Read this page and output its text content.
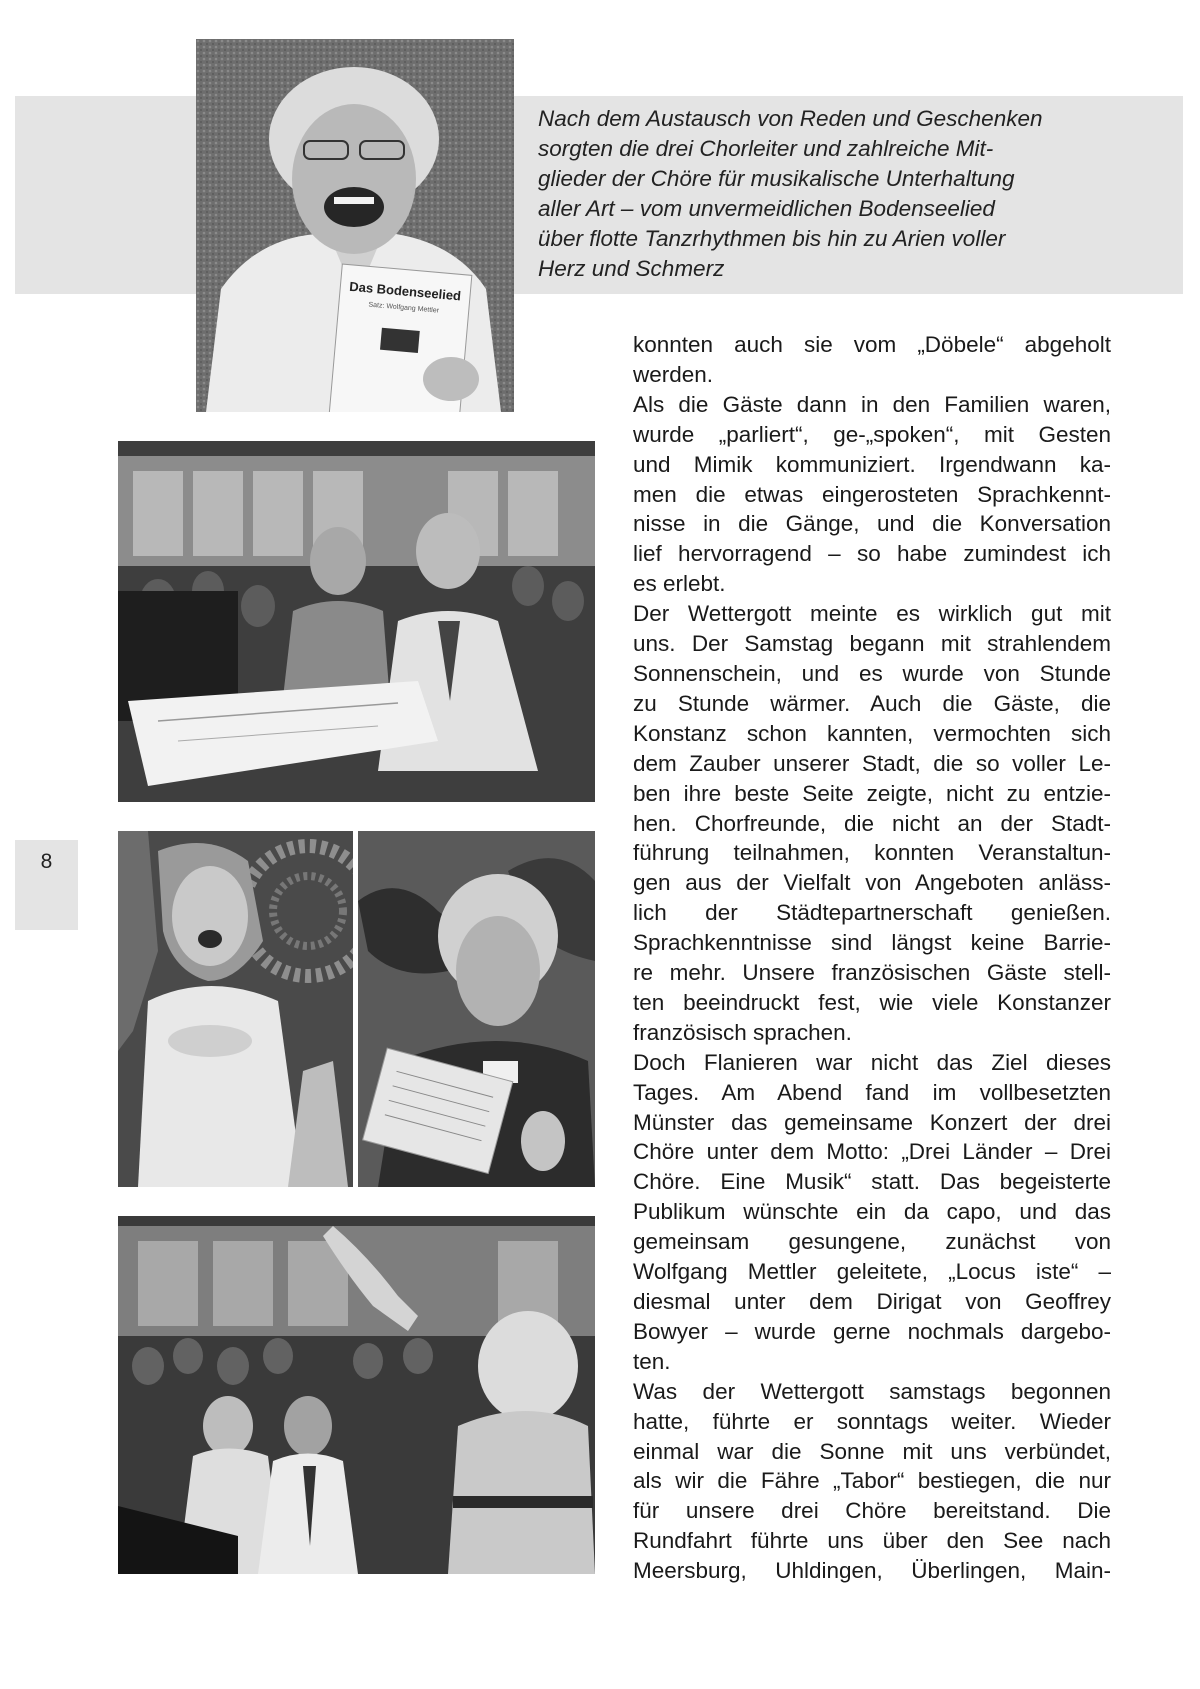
Nach dem Austausch von Reden und Geschenken
sorgten die drei Chorleiter und zahlreiche Mit-
glieder der Chöre für musikalische Unterhaltung
aller Art – vom unvermeidlichen Bodenseelied
über flotte Tanzrhythmen bis hin zu Arien voller
Herz und Schmerz
Das Bodenseelied
Satz: Wolfgang Mettler
8
konnten auch sie vom „Döbele“ abgeholt
werden.
Als die Gäste dann in den Familien waren,
wurde „parliert“, ge-„spoken“, mit Gesten
und Mimik kommuniziert. Irgendwann ka-
men die etwas eingerosteten Sprachkennt-
nisse in die Gänge, und die Konversation
lief hervorragend – so habe zumindest ich
es erlebt.
Der Wettergott meinte es wirklich gut mit
uns. Der Samstag begann mit strahlendem
Sonnenschein, und es wurde von Stunde
zu Stunde wärmer. Auch die Gäste, die
Konstanz schon kannten, vermochten sich
dem Zauber unserer Stadt, die so voller Le-
ben ihre beste Seite zeigte, nicht zu entzie-
hen. Chorfreunde, die nicht an der Stadt-
führung teilnahmen, konnten Veranstaltun-
gen aus der Vielfalt von Angeboten anläss-
lich der Städtepartnerschaft genießen.
Sprachkenntnisse sind längst keine Barrie-
re mehr. Unsere französischen Gäste stell-
ten beeindruckt fest, wie viele Konstanzer
französisch sprachen.
Doch Flanieren war nicht das Ziel dieses
Tages. Am Abend fand im vollbesetzten
Münster das gemeinsame Konzert der drei
Chöre unter dem Motto: „Drei Länder – Drei
Chöre. Eine Musik“ statt. Das begeisterte
Publikum wünschte ein da capo, und das
gemeinsam gesungene, zunächst von
Wolfgang Mettler geleitete, „Locus iste“ –
diesmal unter dem Dirigat von Geoffrey
Bowyer – wurde gerne nochmals dargebo-
ten.
Was der Wettergott samstags begonnen
hatte, führte er sonntags weiter. Wieder
einmal war die Sonne mit uns verbündet,
als wir die Fähre „Tabor“ bestiegen, die nur
für unsere drei Chöre bereitstand. Die
Rundfahrt führte uns über den See nach
Meersburg, Uhldingen, Überlingen, Main-
